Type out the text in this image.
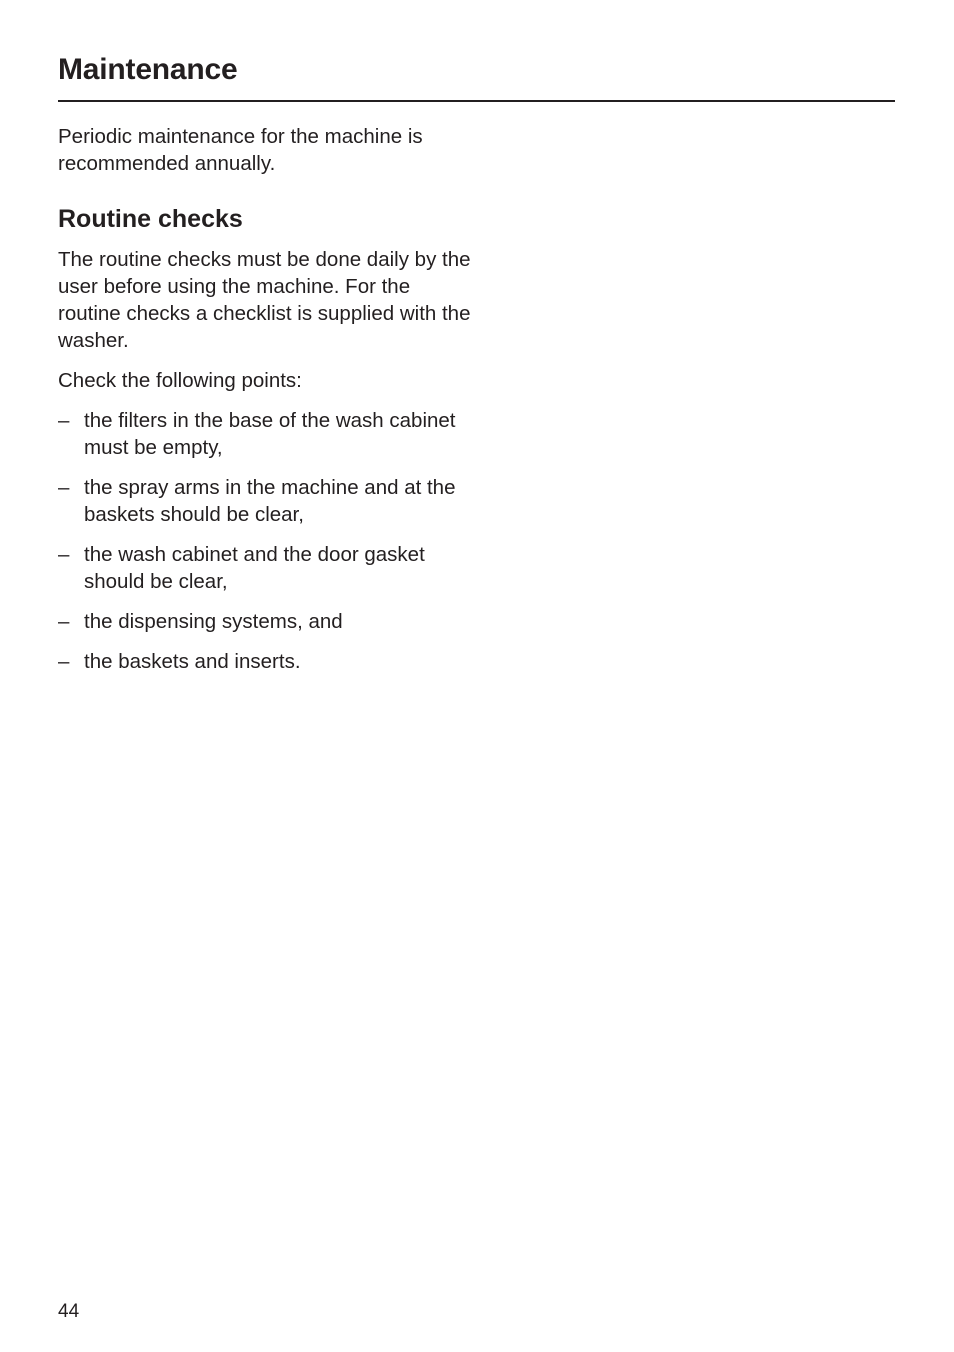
Maintenance

Periodic maintenance for the machine is recommended annually.

Routine checks

The routine checks must be done daily by the user before using the machine. For the routine checks a checklist is supplied with the washer.

Check the following points:

– the filters in the base of the wash cabinet must be empty,
– the spray arms in the machine and at the baskets should be clear,
– the wash cabinet and the door gasket should be clear,
– the dispensing systems, and
– the baskets and inserts.
44
